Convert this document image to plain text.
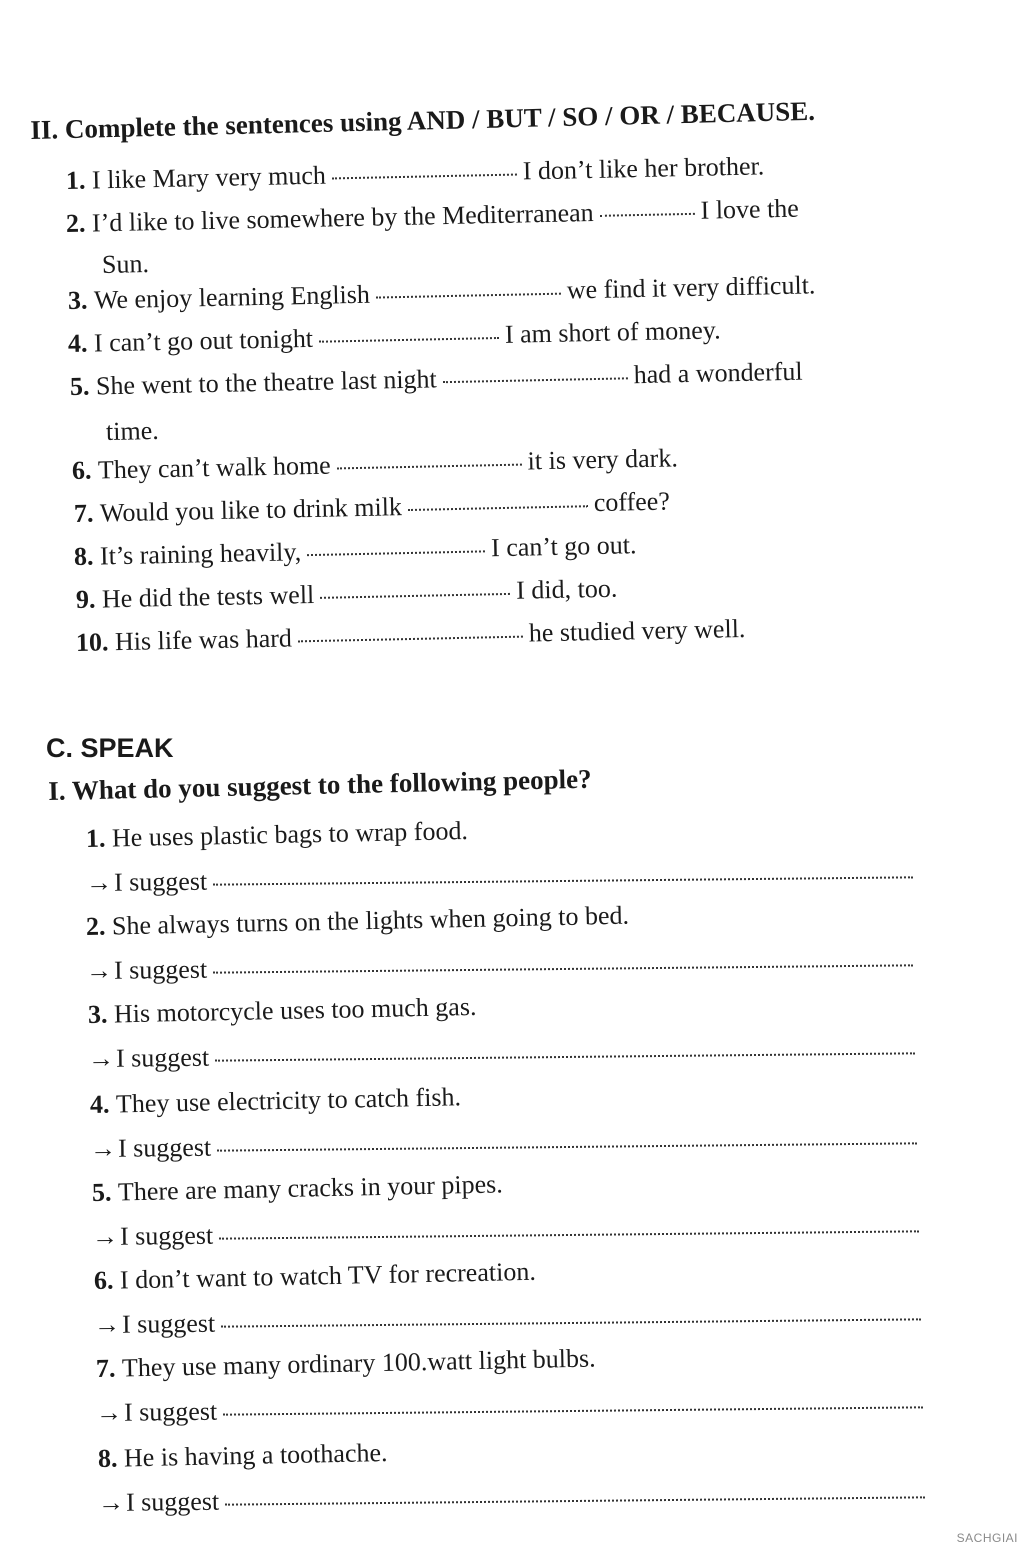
II. Complete the sentences using AND / BUT / SO / OR / BECAUSE.
1.
I like Mary very much	I don’t like her brother.
2.
I’d like to live somewhere by the Mediterranean	I love the
Sun.
3.
We enjoy learning English	we find it very difficult.
4.
I can’t go out tonight	I am short of money.
5.
She went to the theatre last night	had a wonderful
time.
6.
They can’t walk home	it is very dark.
7.
Would you like to drink milk	coffee?
8.
It’s raining heavily,	I can’t go out.
9.
He did the tests well	I did, too.
10.
His life was hard	he studied very well.
C. SPEAK
I. What do you suggest to the following people?
1.
He uses plastic bags to wrap food.
→ I suggest
2.
She always turns on the lights when going to bed.
→ I suggest
3.
His motorcycle uses too much gas.
→ I suggest
4.
They use electricity to catch fish.
→ I suggest
5.
There are many cracks in your pipes.
→ I suggest
6.
I don’t want to watch TV for recreation.
→ I suggest
7.
They use many ordinary 100.watt light bulbs.
→ I suggest
8.
He is having a toothache.
→ I suggest
SACHGIAI
